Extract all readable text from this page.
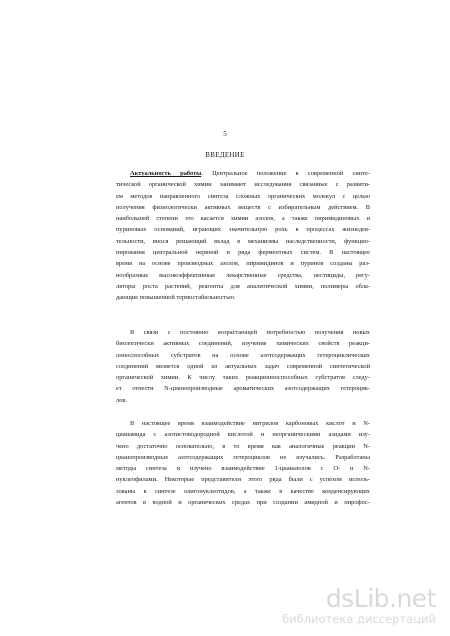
5
ВВЕДЕНИЕ
Актуальность работы. Центральное положение в современной синте-
тической органической химии занимают исследования связанные с развити-
ем методов направленного синтеза сложных органических молекул с целью
получения физиологически активных веществ с избирательным действием. В
наибольшей степени это касается химии азолов, а также пиримидиновых и
пуриновых оснований, играющих значительную роль в процессах жизнедея-
тельности, внося решающий вклад в механизмы наследственности, функцио-
нирования центральной нервной и ряда ферментных систем. В настоящее
время на основе производных азолов, пиримидинов и пуринов созданы раз-
нообразные высокоэффективные лекарственные средства, пестициды, регу-
ляторы роста растений, реагенты для аналитической химии, полимеры облa-
дающие повышенной термостабильностью.
В связи с постоянно возрастающей потребностью получения новых
биологически активных соединений, изучение химических свойств реакци-
онноспособных субстратов на основе азотсодержащих гетероциклических
соединений является одной из актуальных задач современной синтетической
органической химии. К числу таких реакционноспособных субстратов следу-
ет отнести N-цианопроизводные ароматических азотсодержащих гетероцик-
лов.
В настоящее время взаимодействие нитрилов карбоновых кислот и N-
цианамида с азотистоводородной кислотой и неорганическими азидами изу-
чено достаточно основательно, в то время как аналогичные реакции N-
цианопроизводных азотсодержащих гетероциклов не изучались. Разработаны
методы синтеза и изучено взаимодействие 1-цианазолов с О- и N-
нуклеофилами. Некоторые представители этого ряда были с успехом исполь-
зованы в синтезе олигонуклеотидов, а также в качестве конденсирующих
агентов в водной и органических средах при создании амидной и пирофос-
dsLib.net
библиотека диссертаций
